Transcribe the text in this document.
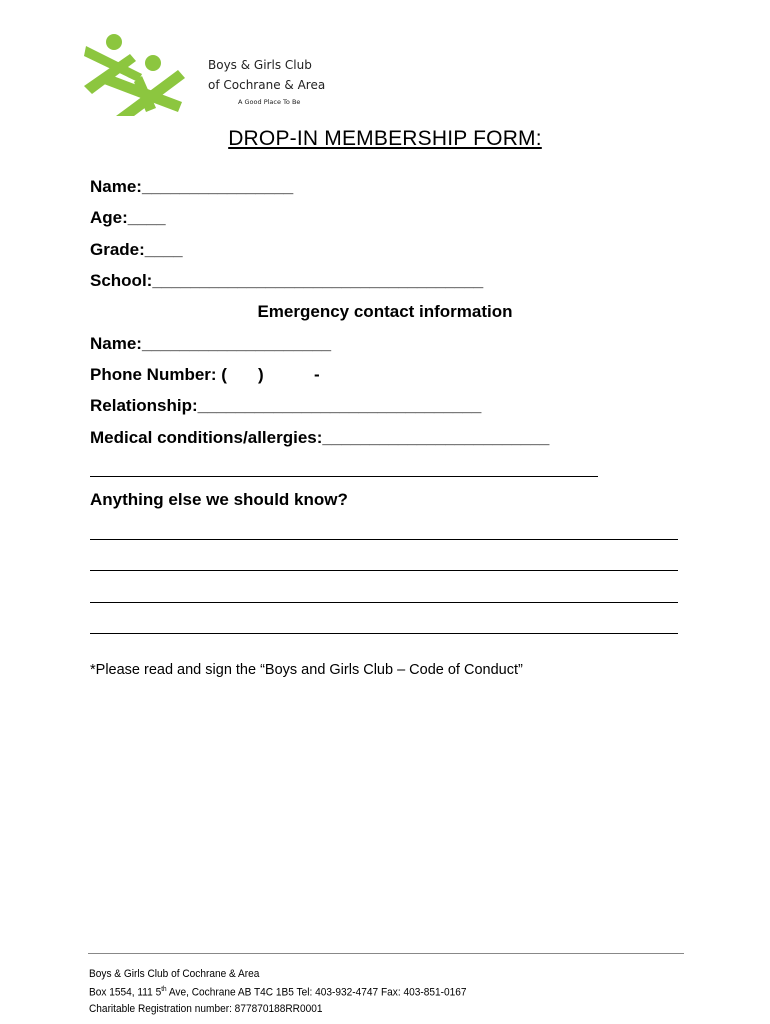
Boys & Girls Club
of Cochrane & Area
A Good Place To Be
DROP-IN MEMBERSHIP FORM:
Name:________________
Age:____
Grade:____
School:___________________________________
Emergency contact information
Name:____________________
Phone Number: ( )	-
Relationship:______________________________
Medical conditions/allergies:________________________
Anything else we should know?
*Please read and sign the “Boys and Girls Club – Code of Conduct”
Boys & Girls Club of Cochrane & Area
Box 1554, 111 5th Ave, Cochrane AB T4C 1B5 Tel: 403-932-4747 Fax: 403-851-0167
Charitable Registration number: 877870188RR0001
